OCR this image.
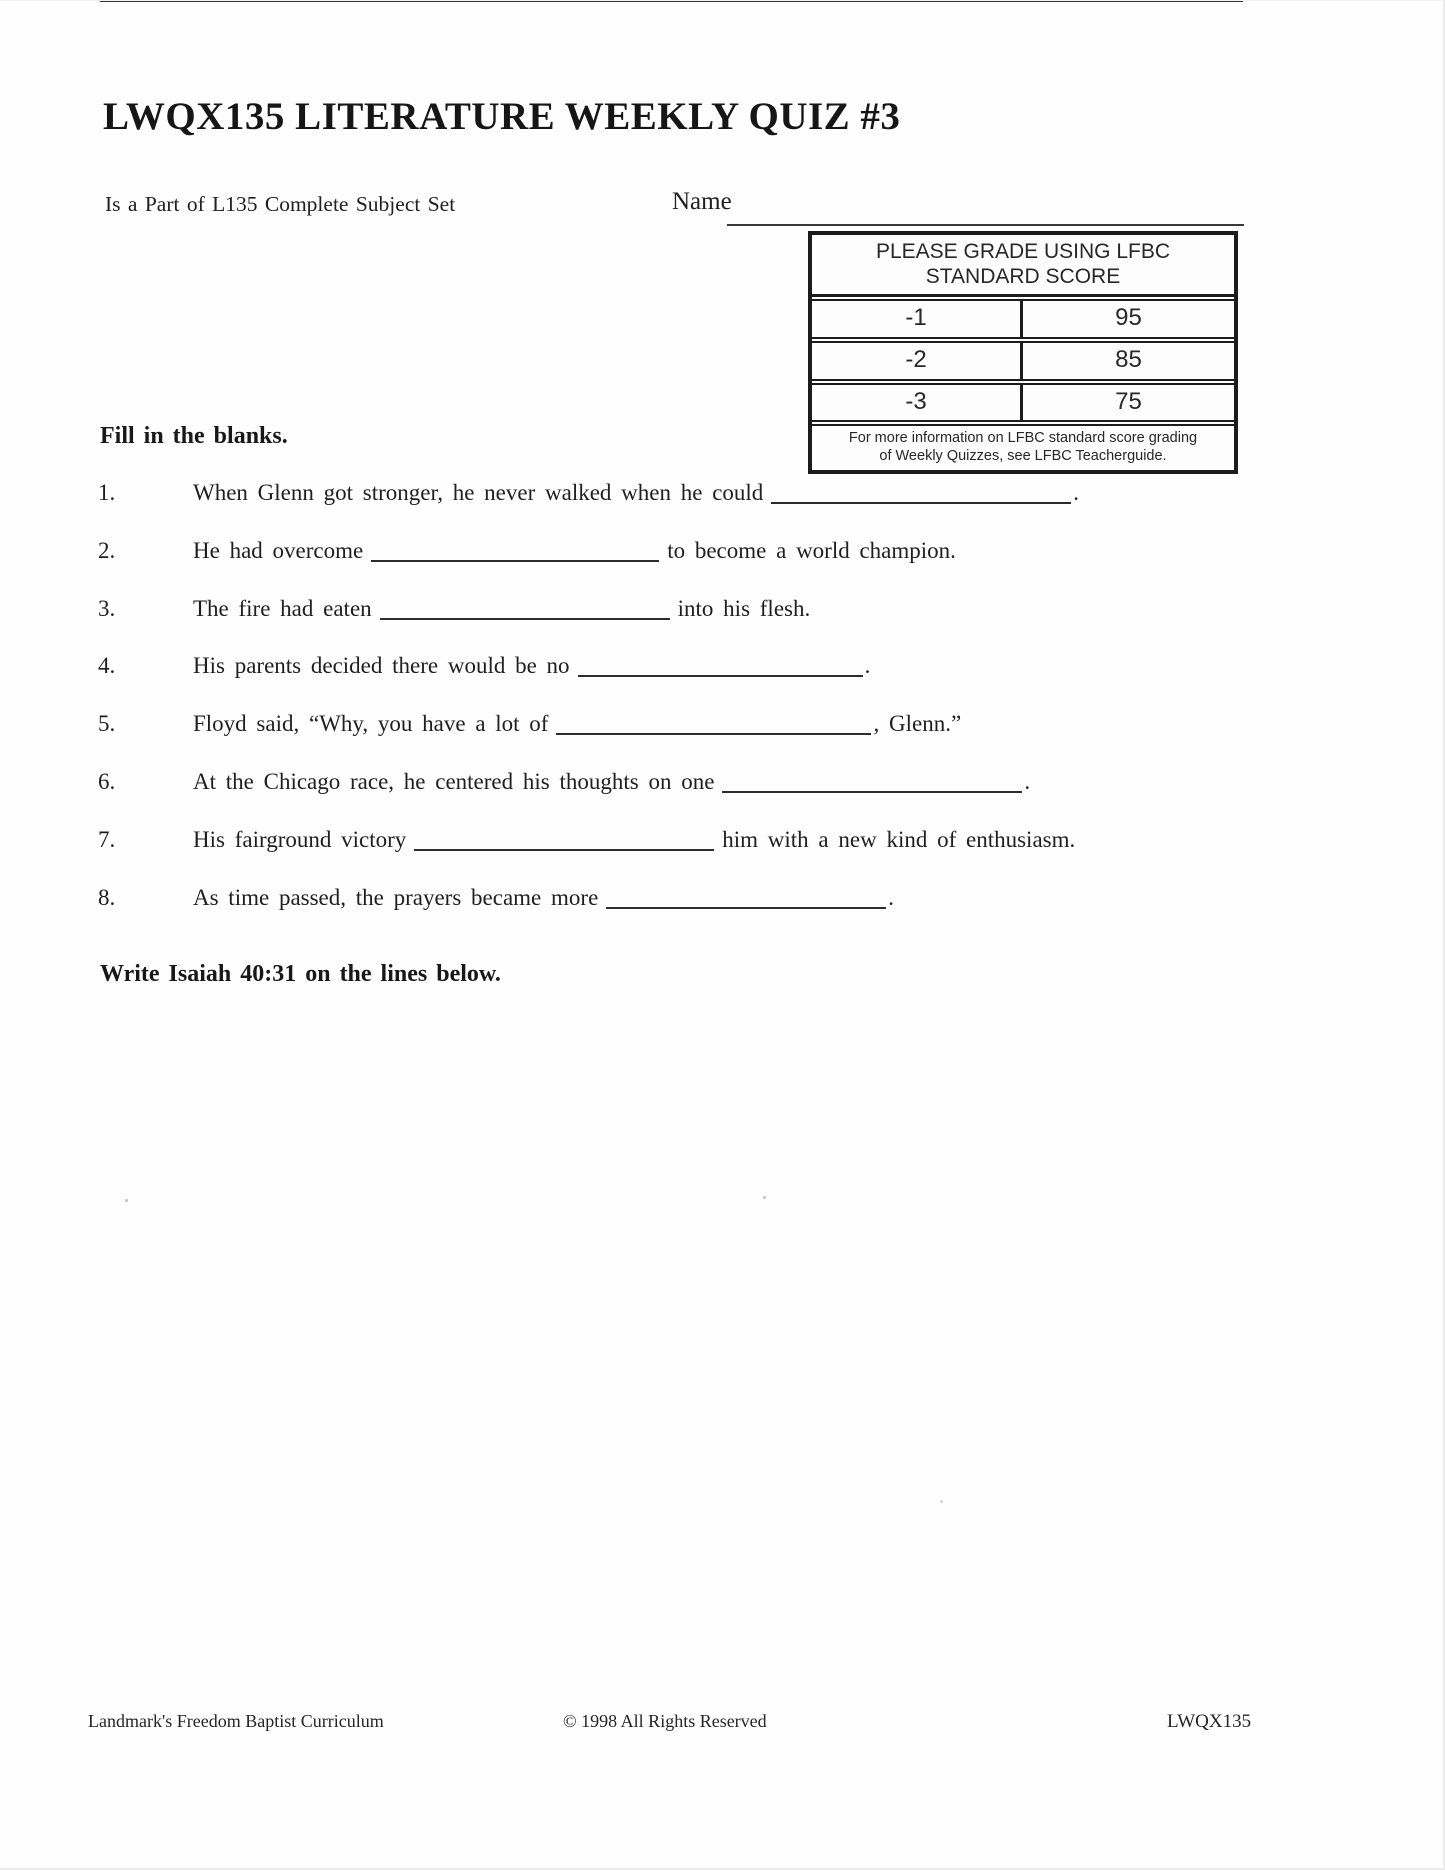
LWQX135 LITERATURE WEEKLY QUIZ #3
Is a Part of L135 Complete Subject Set	Name
PLEASE GRADE USING LFBC STANDARD SCORE
-1	95
-2	85
-3	75
For more information on LFBC standard score grading
of Weekly Quizzes, see LFBC Teacherguide.
Fill in the blanks.
1.	When Glenn got stronger, he never walked when he could	.
2.	He had overcome	to become a world champion.
3.	The fire had eaten	into his flesh.
4.	His parents decided there would be no	.
5.	Floyd said, “Why, you have a lot of	, Glenn.”
6.	At the Chicago race, he centered his thoughts on one	.
7.	His fairground victory	him with a new kind of enthusiasm.
8.	As time passed, the prayers became more	.
Write Isaiah 40:31 on the lines below.
Landmark's Freedom Baptist Curriculum	© 1998 All Rights Reserved	LWQX135
